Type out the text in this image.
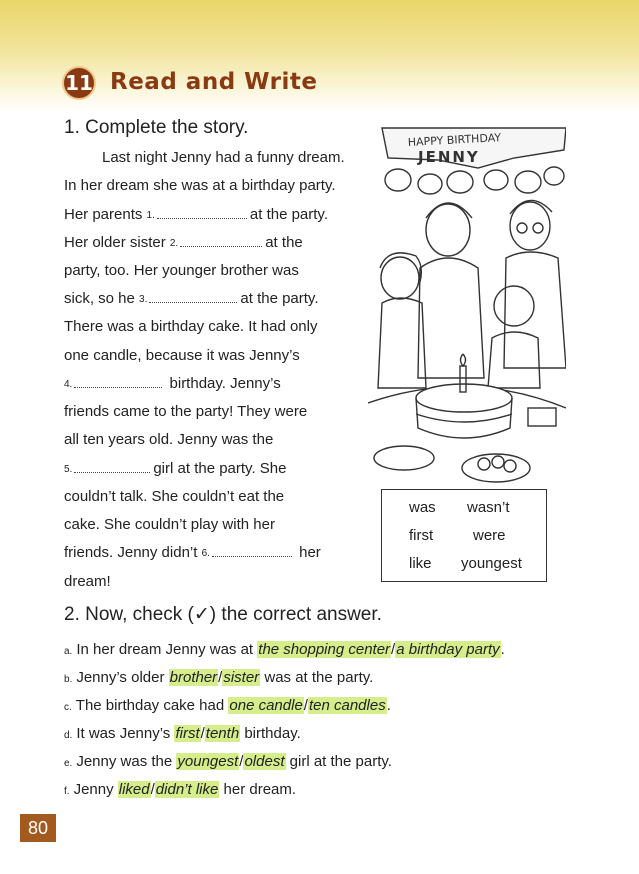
11 Read and Write
1. Complete the story.
Last night Jenny had a funny dream.
In her dream she was at a birthday party.
Her parents 1.	at the party.
Her older sister 2.	at the
party, too. Her younger brother was
sick, so he 3.	at the party.
There was a birthday cake. It had only
one candle, because it was Jenny’s
4.	birthday. Jenny’s
friends came to the party! They were
all ten years old. Jenny was the
5.	girl at the party. She
couldn’t talk. She couldn’t eat the
cake. She couldn’t play with her
friends. Jenny didn’t 6.	her
dream!
HAPPY BIRTHDAY
JENNY
was wasn’t
first	were
like youngest
2. Now, check (✓) the correct answer.
a. In her dream Jenny was at the shopping center/a birthday party.
b. Jenny’s older brother/sister was at the party.
c. The birthday cake had one candle/ten candles.
d. It was Jenny’s first/tenth birthday.
e. Jenny was the youngest/oldest girl at the party.
f. Jenny liked/didn’t like her dream.
80
